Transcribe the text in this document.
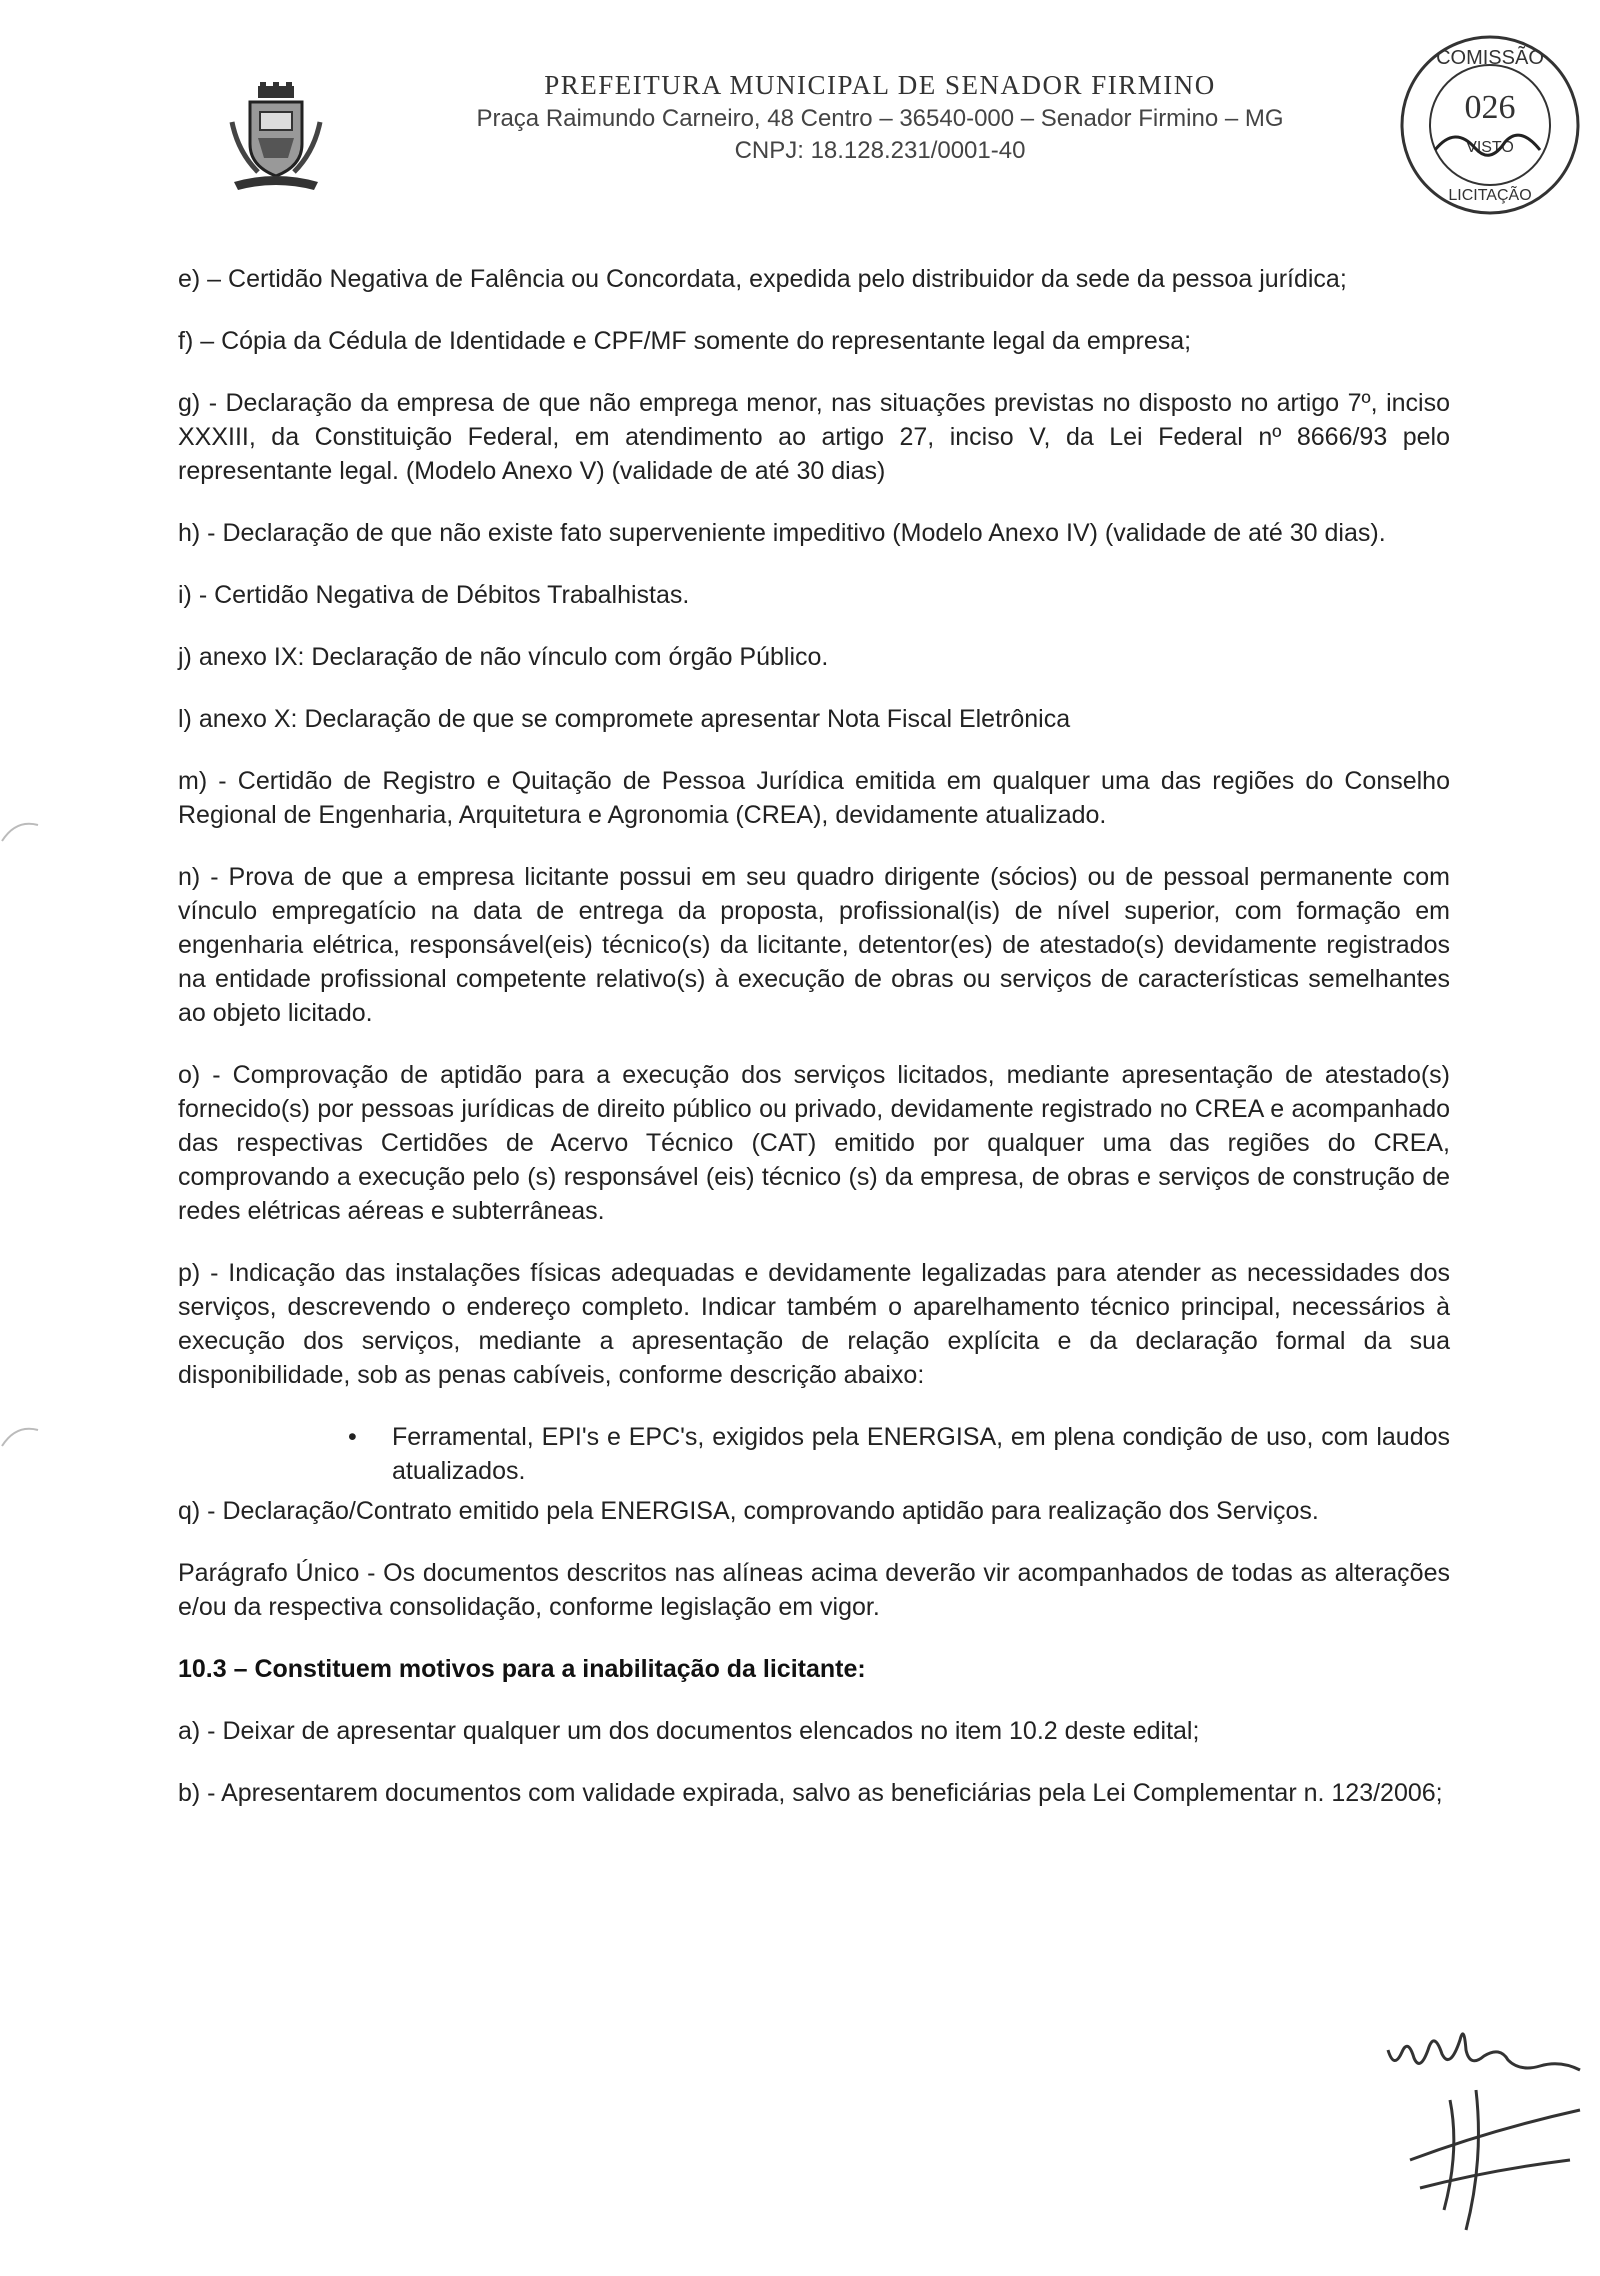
PREFEITURA MUNICIPAL DE SENADOR FIRMINO
Praça Raimundo Carneiro, 48 Centro – 36540-000 – Senador Firmino – MG
CNPJ: 18.128.231/0001-40
COMISSÃO
026
VISTO
LICITAÇÃO

e) – Certidão Negativa de Falência ou Concordata, expedida pelo distribuidor da sede da pessoa jurídica;

f) – Cópia da Cédula de Identidade e CPF/MF somente do representante legal da empresa;

g) - Declaração da empresa de que não emprega menor, nas situações previstas no disposto no artigo 7º, inciso XXXIII, da Constituição Federal, em atendimento ao artigo 27, inciso V, da Lei Federal nº 8666/93 pelo representante legal. (Modelo Anexo V) (validade de até 30 dias)

h) - Declaração de que não existe fato superveniente impeditivo (Modelo Anexo IV) (validade de até 30 dias).

i) - Certidão Negativa de Débitos Trabalhistas.

j) anexo IX: Declaração de não vínculo com órgão Público.

l) anexo X: Declaração de que se compromete apresentar Nota Fiscal Eletrônica

m) - Certidão de Registro e Quitação de Pessoa Jurídica emitida em qualquer uma das regiões do Conselho Regional de Engenharia, Arquitetura e Agronomia (CREA), devidamente atualizado.

n) - Prova de que a empresa licitante possui em seu quadro dirigente (sócios) ou de pessoal permanente com vínculo empregatício na data de entrega da proposta, profissional(is) de nível superior, com formação em engenharia elétrica, responsável(eis) técnico(s) da licitante, detentor(es) de atestado(s) devidamente registrados na entidade profissional competente relativo(s) à execução de obras ou serviços de características semelhantes ao objeto licitado.

o) - Comprovação de aptidão para a execução dos serviços licitados, mediante apresentação de atestado(s) fornecido(s) por pessoas jurídicas de direito público ou privado, devidamente registrado no CREA e acompanhado das respectivas Certidões de Acervo Técnico (CAT) emitido por qualquer uma das regiões do CREA, comprovando a execução pelo (s) responsável (eis) técnico (s) da empresa, de obras e serviços de construção de redes elétricas aéreas e subterrâneas.

p) - Indicação das instalações físicas adequadas e devidamente legalizadas para atender as necessidades dos serviços, descrevendo o endereço completo. Indicar também o aparelhamento técnico principal, necessários à execução dos serviços, mediante a apresentação de relação explícita e da declaração formal da sua disponibilidade, sob as penas cabíveis, conforme descrição abaixo:

• Ferramental, EPI's e EPC's, exigidos pela ENERGISA, em plena condição de uso, com laudos atualizados.

q) - Declaração/Contrato emitido pela ENERGISA, comprovando aptidão para realização dos Serviços.

Parágrafo Único - Os documentos descritos nas alíneas acima deverão vir acompanhados de todas as alterações e/ou da respectiva consolidação, conforme legislação em vigor.

10.3 – Constituem motivos para a inabilitação da licitante:

a) - Deixar de apresentar qualquer um dos documentos elencados no item 10.2 deste edital;

b) - Apresentarem documentos com validade expirada, salvo as beneficiárias pela Lei Complementar n. 123/2006;
